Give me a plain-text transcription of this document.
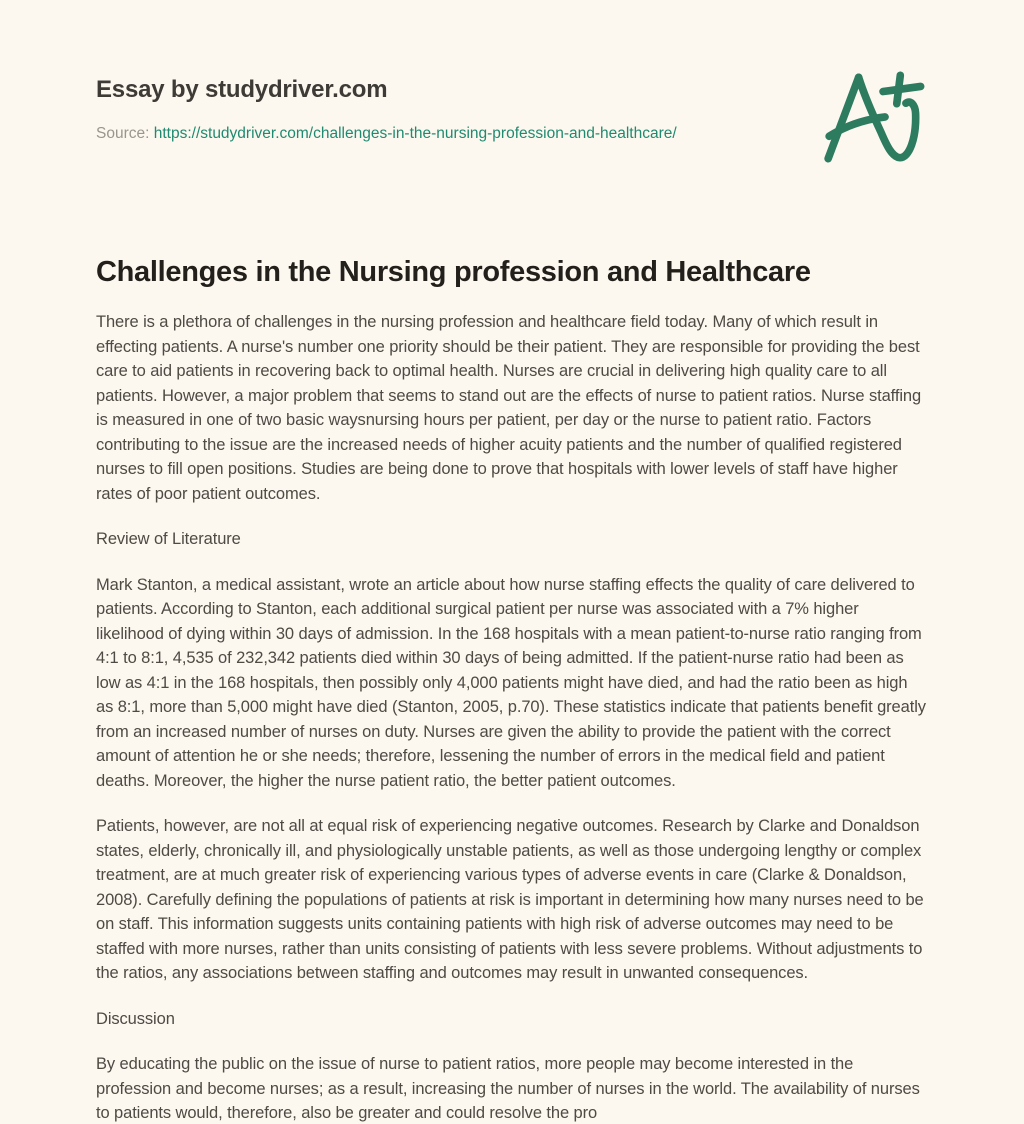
Essay by studydriver.com
Source: https://studydriver.com/challenges-in-the-nursing-profession-and-healthcare/
Challenges in the Nursing profession and Healthcare

There is a plethora of challenges in the nursing profession and healthcare field today. Many of which result in effecting patients. A nurse's number one priority should be their patient. They are responsible for providing the best care to aid patients in recovering back to optimal health. Nurses are crucial in delivering high quality care to all patients. However, a major problem that seems to stand out are the effects of nurse to patient ratios. Nurse staffing is measured in one of two basic waysnursing hours per patient, per day or the nurse to patient ratio. Factors contributing to the issue are the increased needs of higher acuity patients and the number of qualified registered nurses to fill open positions. Studies are being done to prove that hospitals with lower levels of staff have higher rates of poor patient outcomes.

Review of Literature

Mark Stanton, a medical assistant, wrote an article about how nurse staffing effects the quality of care delivered to patients. According to Stanton, each additional surgical patient per nurse was associated with a 7% higher likelihood of dying within 30 days of admission. In the 168 hospitals with a mean patient-to-nurse ratio ranging from 4:1 to 8:1, 4,535 of 232,342 patients died within 30 days of being admitted. If the patient-nurse ratio had been as low as 4:1 in the 168 hospitals, then possibly only 4,000 patients might have died, and had the ratio been as high as 8:1, more than 5,000 might have died (Stanton, 2005, p.70). These statistics indicate that patients benefit greatly from an increased number of nurses on duty. Nurses are given the ability to provide the patient with the correct amount of attention he or she needs; therefore, lessening the number of errors in the medical field and patient deaths. Moreover, the higher the nurse patient ratio, the better patient outcomes.

Patients, however, are not all at equal risk of experiencing negative outcomes. Research by Clarke and Donaldson states, elderly, chronically ill, and physiologically unstable patients, as well as those undergoing lengthy or complex treatment, are at much greater risk of experiencing various types of adverse events in care (Clarke & Donaldson, 2008). Carefully defining the populations of patients at risk is important in determining how many nurses need to be on staff. This information suggests units containing patients with high risk of adverse outcomes may need to be staffed with more nurses, rather than units consisting of patients with less severe problems. Without adjustments to the ratios, any associations between staffing and outcomes may result in unwanted consequences.

Discussion

By educating the public on the issue of nurse to patient ratios, more people may become interested in the profession and become nurses; as a result, increasing the number of nurses in the world. The availability of nurses to patients would, therefore, also be greater and could resolve the pro
